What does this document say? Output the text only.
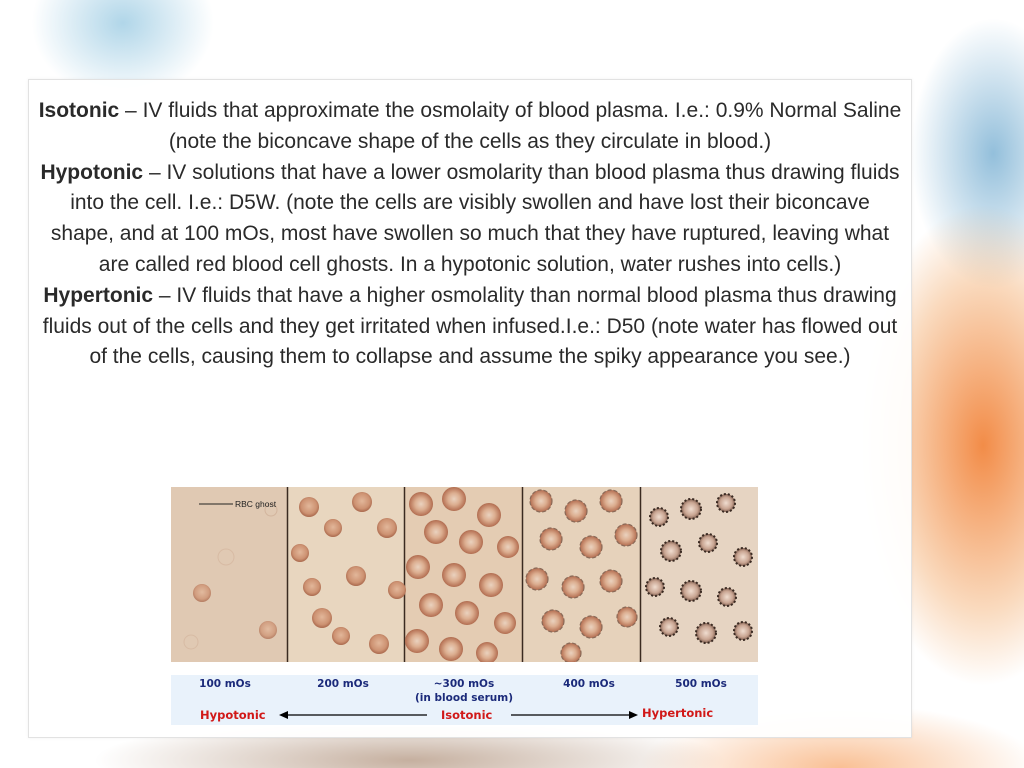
Isotonic – IV fluids that approximate the osmolaity of blood plasma. I.e.: 0.9% Normal Saline (note the biconcave shape of the cells as they circulate in blood.)
Hypotonic – IV solutions that have a lower osmolarity than blood plasma thus drawing fluids into the cell. I.e.: D5W. (note the cells are visibly swollen and have lost their biconcave shape, and at 100 mOs, most have swollen so much that they have ruptured, leaving what are called red blood cell ghosts. In a hypotonic solution, water rushes into cells.)
Hypertonic – IV fluids that have a higher osmolality than normal blood plasma thus drawing fluids out of the cells and they get irritated when infused.I.e.: D50 (note water has flowed out of the cells, causing them to collapse and assume the spiky appearance you see.)
RBC ghost
100 mOs	200 mOs	~300 mOs
(in blood serum)
400 mOs	500 mOs
Hypotonic	Isotonic	Hypertonic
